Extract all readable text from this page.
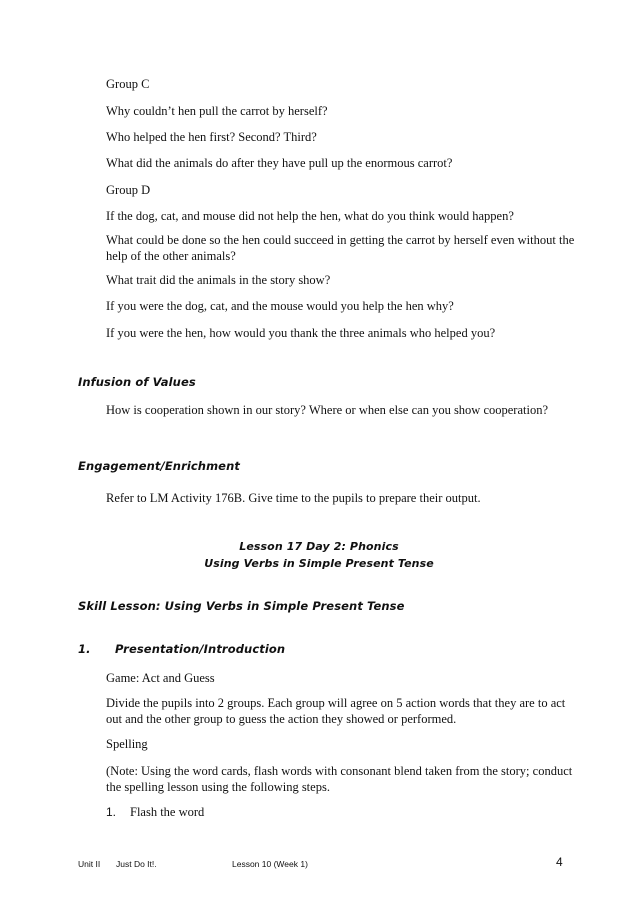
Group C
Why couldn’t hen pull the carrot by herself?
Who helped the hen first? Second? Third?
What did the animals do after they have pull up the enormous carrot?
Group D
If the dog, cat, and mouse did not help the hen, what do you think would happen?
What could be done so the hen could succeed in getting the carrot by herself even without the help of the other animals?
What trait did the animals in the story show?
If you were the dog, cat, and the mouse would you help the hen why?
If you were the hen, how would you thank the three animals who helped you?
Infusion of Values
How is cooperation shown in our story? Where or when else can you show cooperation?
Engagement/Enrichment
Refer to LM Activity 176B. Give time to the pupils to prepare their output.
Lesson 17 Day 2: Phonics
Using Verbs in Simple Present Tense
Skill Lesson: Using Verbs in Simple Present Tense
1. Presentation/Introduction
Game: Act and Guess
Divide the pupils into 2 groups. Each group will agree on 5 action words that they are to act out and the other group to guess the action they showed or performed.
Spelling
(Note: Using the word cards, flash words with consonant blend taken from the story; conduct the spelling lesson using the following steps.
1. Flash the word
Unit II Just Do It!.	Lesson 10 (Week 1)	4
